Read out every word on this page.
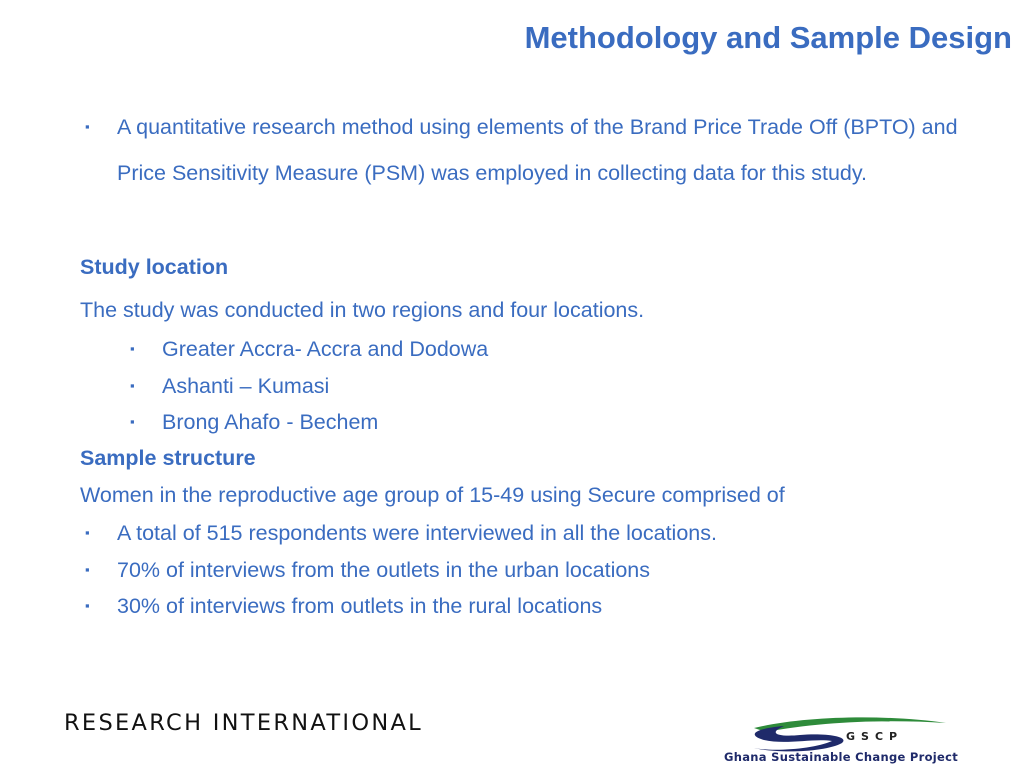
Methodology and Sample Design
▪ A quantitative research method using elements of the Brand Price Trade Off (BPTO) and Price Sensitivity Measure (PSM) was employed in collecting data for this study.

Study location

The study was conducted in two regions and four locations.

▪ Greater Accra- Accra and Dodowa
▪ Ashanti – Kumasi
▪ Brong Ahafo - Bechem

Sample structure

Women in the reproductive age group of 15-49 using Secure comprised of

▪ A total of 515 respondents were interviewed in all the locations.
▪ 70% of interviews from the outlets in the urban locations
▪ 30% of interviews from outlets in the rural locations
RESEARCH INTERNATIONAL
GSCP
Ghana Sustainable Change Project
